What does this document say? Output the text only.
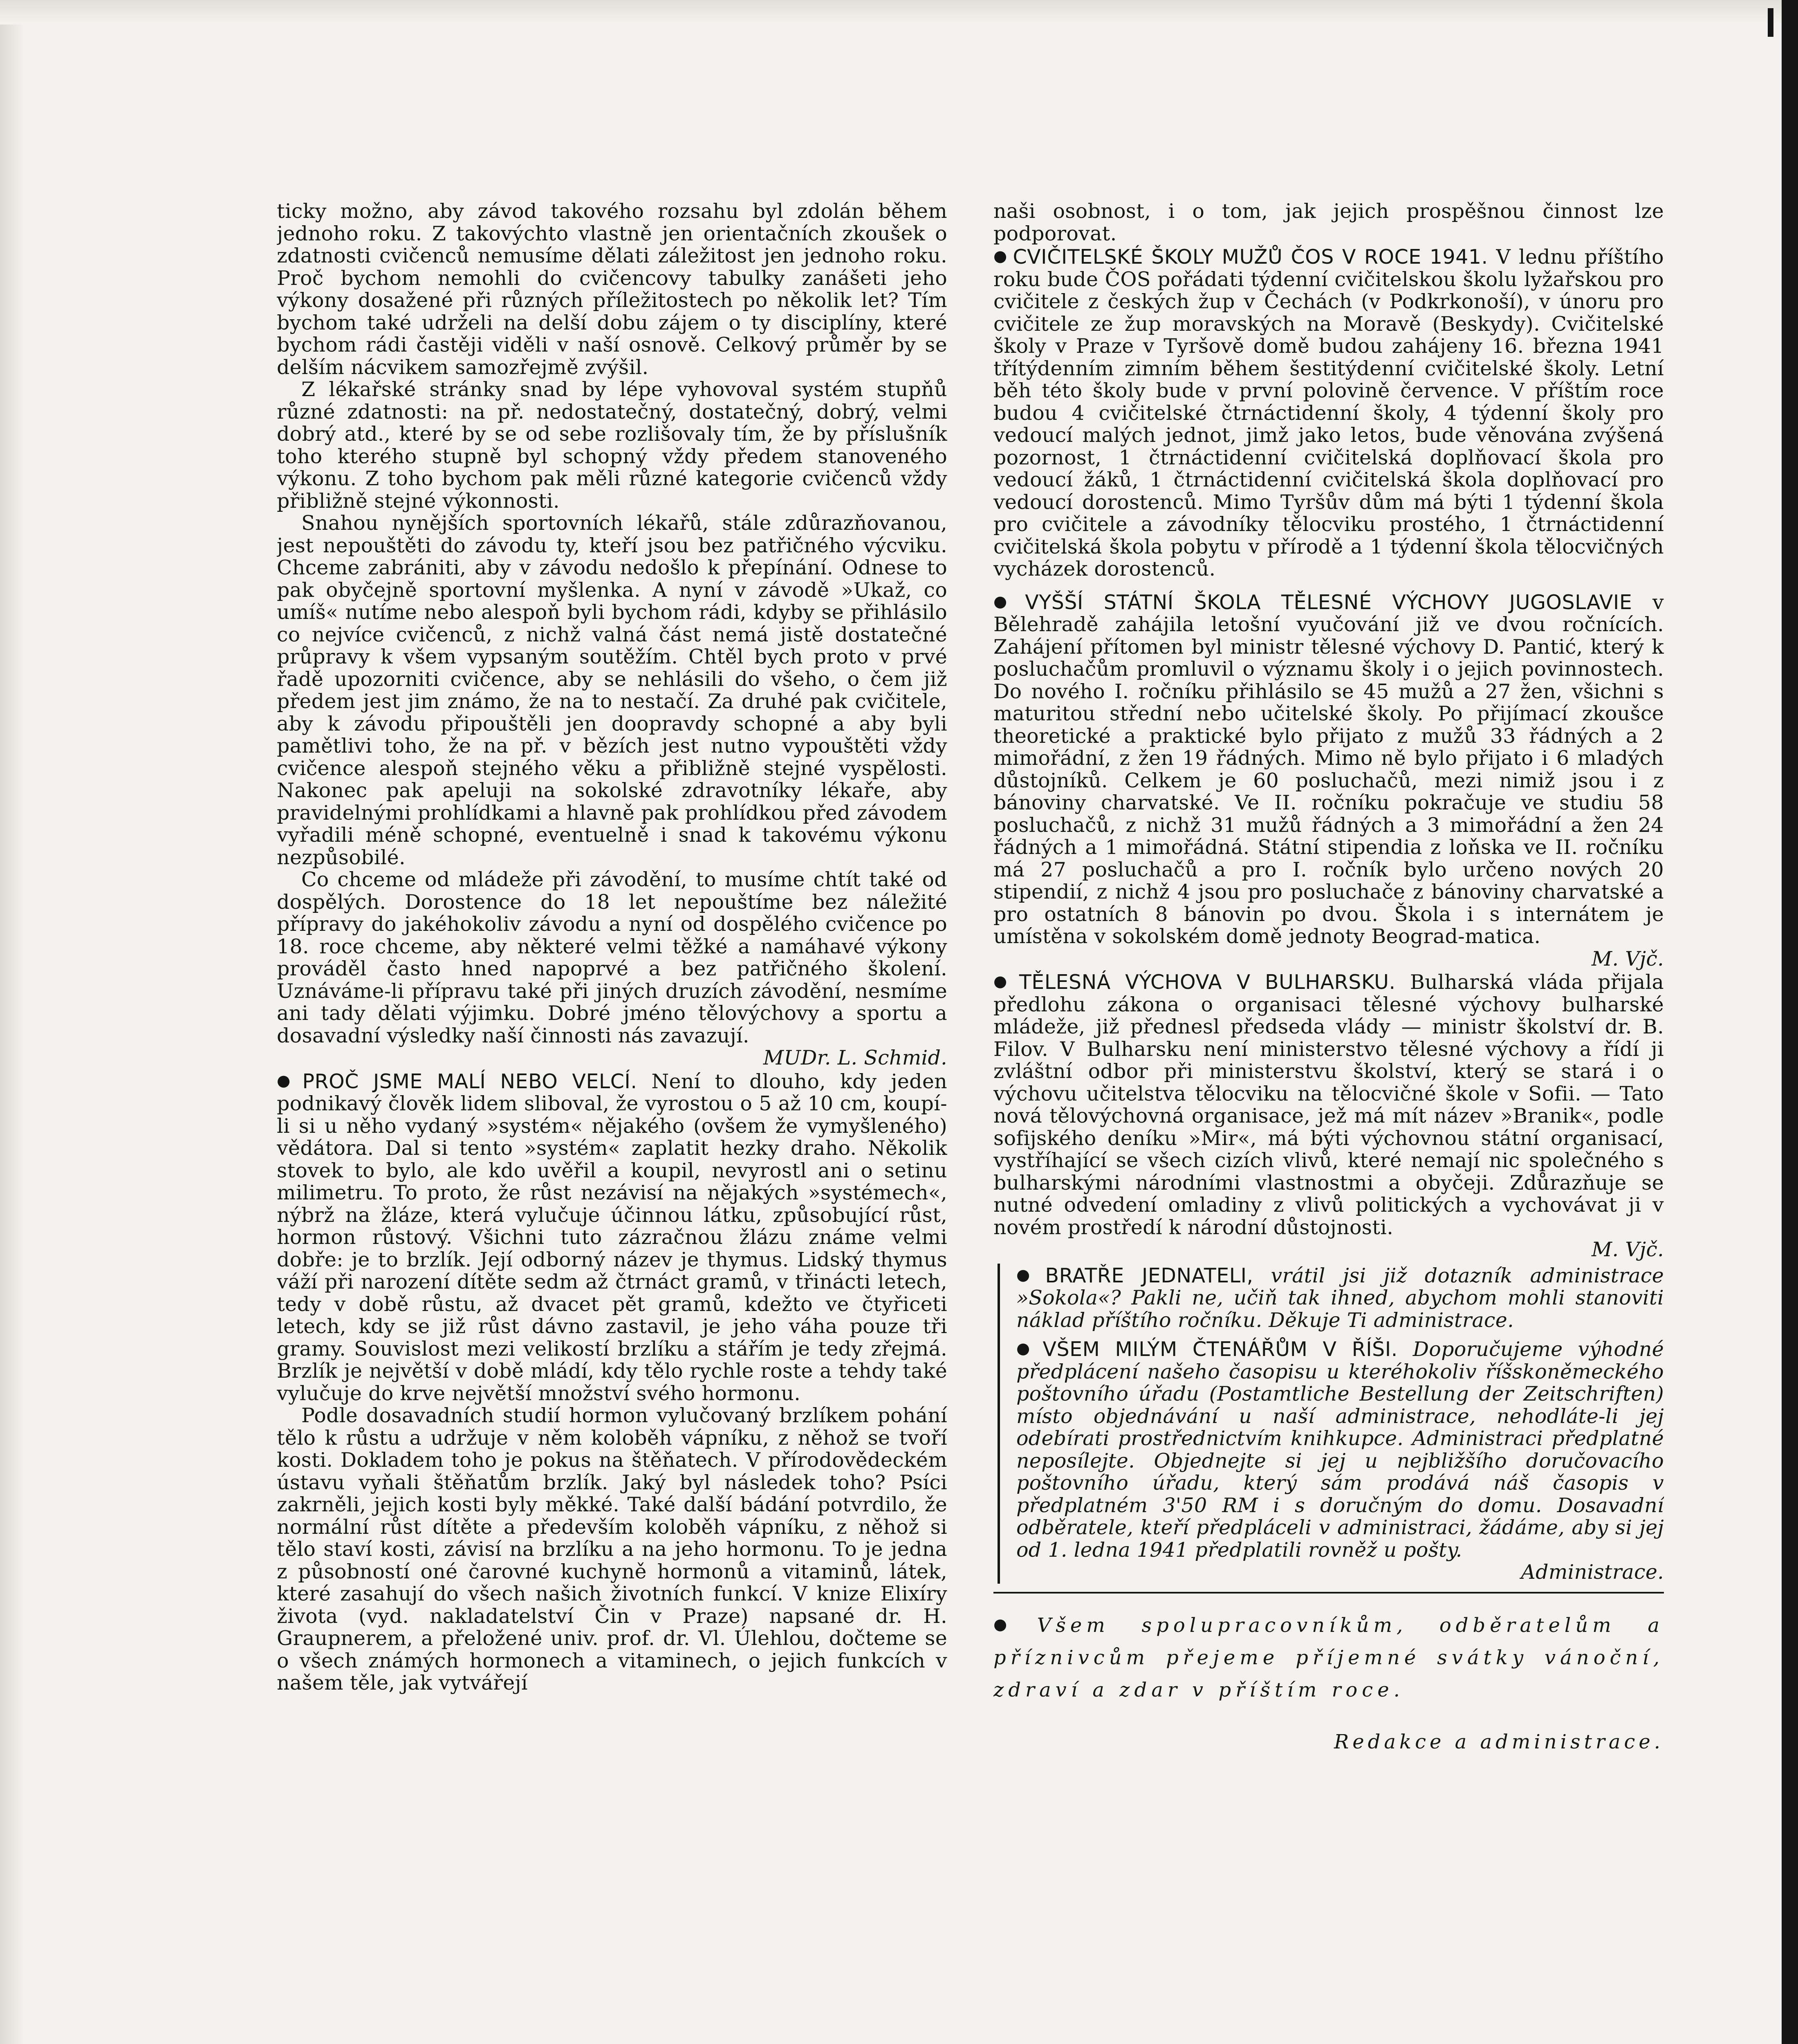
ticky možno, aby závod takového rozsahu byl zdolán během jednoho roku. Z takovýchto vlastně jen orientačních zkoušek o zdatnosti cvičenců nemusíme dělati záležitost jen jednoho roku. Proč bychom nemohli do cvičencovy tabulky zanášeti jeho výkony dosažené při různých příležitostech po několik let? Tím bychom také udrželi na delší dobu zájem o ty disciplíny, které bychom rádi častěji viděli v naší osnově. Celkový průměr by se delším nácvikem samozřejmě zvýšil.

Z lékařské stránky snad by lépe vyhovoval systém stupňů různé zdatnosti: na př. nedostatečný, dostatečný, dobrý, velmi dobrý atd., které by se od sebe rozlišovaly tím, že by příslušník toho kterého stupně byl schopný vždy předem stanoveného výkonu. Z toho bychom pak měli různé kategorie cvičenců vždy přibližně stejné výkonnosti.

Snahou nynějších sportovních lékařů, stále zdůrazňovanou, jest nepouštěti do závodu ty, kteří jsou bez patřičného výcviku. Chceme zabrániti, aby v závodu nedošlo k přepínání. Odnese to pak obyčejně sportovní myšlenka. A nyní v závodě »Ukaž, co umíš« nutíme nebo alespoň byli bychom rádi, kdyby se přihlásilo co nejvíce cvičenců, z nichž valná část nemá jistě dostatečné průpravy k všem vypsaným soutěžím. Chtěl bych proto v prvé řadě upozorniti cvičence, aby se nehlásili do všeho, o čem již předem jest jim známo, že na to nestačí. Za druhé pak cvičitele, aby k závodu připouštěli jen doopravdy schopné a aby byli pamětlivi toho, že na př. v bězích jest nutno vypouštěti vždy cvičence alespoň stejného věku a přibližně stejné vyspělosti. Nakonec pak apeluji na sokolské zdravotníky lékaře, aby pravidelnými prohlídkami a hlavně pak prohlídkou před závodem vyřadili méně schopné, eventuelně i snad k takovému výkonu nezpůsobilé.

Co chceme od mládeže při závodění, to musíme chtít také od dospělých. Dorostence do 18 let nepouštíme bez náležité přípravy do jakéhokoliv závodu a nyní od dospělého cvičence po 18. roce chceme, aby některé velmi těžké a namáhavé výkony prováděl často hned napoprvé a bez patřičného školení. Uznáváme-li přípravu také při jiných druzích závodění, nesmíme ani tady dělati výjimku. Dobré jméno tělovýchovy a sportu a dosavadní výsledky naší činnosti nás zavazují.

MUDr. L. Schmid.

● PROČ JSME MALÍ NEBO VELCÍ. Není to dlouho, kdy jeden podnikavý člověk lidem sliboval, že vyrostou o 5 až 10 cm, koupí-li si u něho vydaný »systém« nějakého (ovšem že vymyšleného) vědátora. Dal si tento »systém« zaplatit hezky draho. Několik stovek to bylo, ale kdo uvěřil a koupil, nevyrostl ani o setinu milimetru. To proto, že růst nezávisí na nějakých »systémech«, nýbrž na žláze, která vylučuje účinnou látku, způsobující růst, hormon růstový. Všichni tuto zázračnou žlázu známe velmi dobře: je to brzlík. Její odborný název je thymus. Lidský thymus váží při narození dítěte sedm až čtrnáct gramů, v třinácti letech, tedy v době růstu, až dvacet pět gramů, kdežto ve čtyřiceti letech, kdy se již růst dávno zastavil, je jeho váha pouze tři gramy. Souvislost mezi velikostí brzlíku a stářím je tedy zřejmá. Brzlík je největší v době mládí, kdy tělo rychle roste a tehdy také vylučuje do krve největší množství svého hormonu.

Podle dosavadních studií hormon vylučovaný brzlíkem pohání tělo k růstu a udržuje v něm koloběh vápníku, z něhož se tvoří kosti. Dokladem toho je pokus na štěňatech. V přírodovědeckém ústavu vyňali štěňatům brzlík. Jaký byl následek toho? Psíci zakrněli, jejich kosti byly měkké. Také další bádání potvrdilo, že normální růst dítěte a především koloběh vápníku, z něhož si tělo staví kosti, závisí na brzlíku a na jeho hormonu. To je jedna z působností oné čarovné kuchyně hormonů a vitaminů, látek, které zasahují do všech našich životních funkcí. V knize Elixíry života (vyd. nakladatelství Čin v Praze) napsané dr. H. Graupnerem, a přeložené univ. prof. dr. Vl. Úlehlou, dočteme se o všech známých hormonech a vitaminech, o jejich funkcích v našem těle, jak vytvářejí

naši osobnost, i o tom, jak jejich prospěšnou činnost lze podporovat.

● CVIČITELSKÉ ŠKOLY MUŽŮ ČOS V ROCE 1941. V lednu příštího roku bude ČOS pořádati týdenní cvičitelskou školu lyžařskou pro cvičitele z českých žup v Čechách (v Podkrkonoší), v únoru pro cvičitele ze žup moravských na Moravě (Beskydy). Cvičitelské školy v Praze v Tyršově domě budou zahájeny 16. března 1941 třítýdenním zimním během šestitýdenní cvičitelské školy. Letní běh této školy bude v první polovině července. V příštím roce budou 4 cvičitelské čtrnáctidenní školy, 4 týdenní školy pro vedoucí malých jednot, jimž jako letos, bude věnována zvýšená pozornost, 1 čtrnáctidenní cvičitelská doplňovací škola pro vedoucí žáků, 1 čtrnáctidenní cvičitelská škola doplňovací pro vedoucí dorostenců. Mimo Tyršův dům má býti 1 týdenní škola pro cvičitele a závodníky tělocviku prostého, 1 čtrnáctidenní cvičitelská škola pobytu v přírodě a 1 týdenní škola tělocvičných vycházek dorostenců.

● VYŠŠÍ STÁTNÍ ŠKOLA TĚLESNÉ VÝCHOVY JUGOSLAVIE v Bělehradě zahájila letošní vyučování již ve dvou ročnících. Zahájení přítomen byl ministr tělesné výchovy D. Pantić, který k posluchačům promluvil o významu školy i o jejich povinnostech. Do nového I. ročníku přihlásilo se 45 mužů a 27 žen, všichni s maturitou střední nebo učitelské školy. Po přijímací zkoušce theoretické a praktické bylo přijato z mužů 33 řádných a 2 mimořádní, z žen 19 řádných. Mimo ně bylo přijato i 6 mladých důstojníků. Celkem je 60 posluchačů, mezi nimiž jsou i z bánoviny charvatské. Ve II. ročníku pokračuje ve studiu 58 posluchačů, z nichž 31 mužů řádných a 3 mimořádní a žen 24 řádných a 1 mimořádná. Státní stipendia z loňska ve II. ročníku má 27 posluchačů a pro I. ročník bylo určeno nových 20 stipendií, z nichž 4 jsou pro posluchače z bánoviny charvatské a pro ostatních 8 bánovin po dvou. Škola i s internátem je umístěna v sokolském domě jednoty Beograd-matica.

M. Vjč.

● TĚLESNÁ VÝCHOVA V BULHARSKU. Bulharská vláda přijala předlohu zákona o organisaci tělesné výchovy bulharské mládeže, již přednesl předseda vlády — ministr školství dr. B. Filov. V Bulharsku není ministerstvo tělesné výchovy a řídí ji zvláštní odbor při ministerstvu školství, který se stará i o výchovu učitelstva tělocviku na tělocvičné škole v Sofii. — Tato nová tělovýchovná organisace, jež má mít název »Branik«, podle sofijského deníku »Mir«, má býti výchovnou státní organisací, vystříhající se všech cizích vlivů, které nemají nic společného s bulharskými národními vlastnostmi a obyčeji. Zdůrazňuje se nutné odvedení omladiny z vlivů politických a vychovávat ji v novém prostředí k národní důstojnosti.

M. Vjč.

● BRATŘE JEDNATELI, vrátil jsi již dotazník administrace »Sokola«? Pakli ne, učiň tak ihned, abychom mohli stanoviti náklad příštího ročníku. Děkuje Ti administrace.

● VŠEM MILÝM ČTENÁŘŮM V ŘÍŠI. Doporučujeme výhodné předplácení našeho časopisu u kteréhokoliv říšskoněmeckého poštovního úřadu (Postamtliche Bestellung der Zeitschriften) místo objednávání u naší administrace, nehodláte-li jej odebírati prostřednictvím knihkupce. Administraci předplatné neposílejte. Objednejte si jej u nejbližšího doručovacího poštovního úřadu, který sám prodává náš časopis v předplatném 3'50 RM i s doručným do domu. Dosavadní odběratele, kteří předpláceli v administraci, žádáme, aby si jej od 1. ledna 1941 předplatili rovněž u pošty.

Administrace.

● Všem spolupracovníkům, odběratelům a příznivcům přejeme příjemné svátky vánoční, zdraví a zdar v příštím roce.

Redakce a administrace.
